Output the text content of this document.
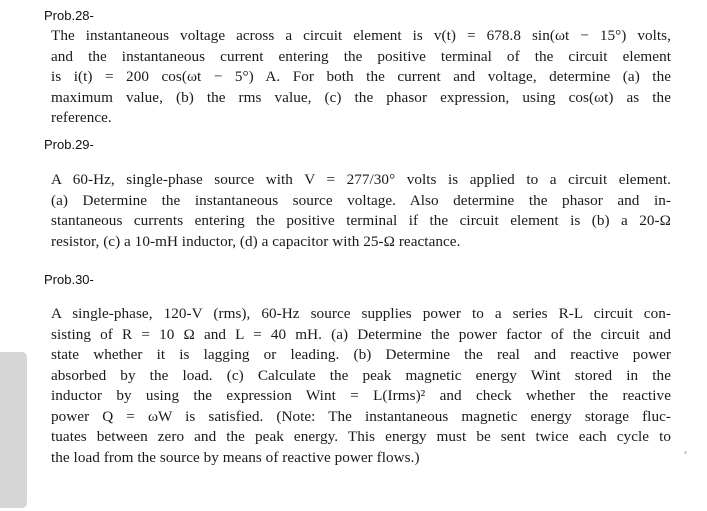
Prob.28-
The instantaneous voltage across a circuit element is v(t) = 678.8 sin(ωt − 15°) volts,
and the instantaneous current entering the positive terminal of the circuit element
is i(t) = 200 cos(ωt − 5°) A. For both the current and voltage, determine (a) the
maximum value, (b) the rms value, (c) the phasor expression, using cos(ωt) as the
reference.
Prob.29-
A 60-Hz, single-phase source with V = 277/30° volts is applied to a circuit element.
(a) Determine the instantaneous source voltage. Also determine the phasor and in-
stantaneous currents entering the positive terminal if the circuit element is (b) a 20-Ω
resistor, (c) a 10-mH inductor, (d) a capacitor with 25-Ω reactance.
Prob.30-
A single-phase, 120-V (rms), 60-Hz source supplies power to a series R-L circuit con-
sisting of R = 10 Ω and L = 40 mH. (a) Determine the power factor of the circuit and
state whether it is lagging or leading. (b) Determine the real and reactive power
absorbed by the load. (c) Calculate the peak magnetic energy Wint stored in the
inductor by using the expression Wint = L(Irms)² and check whether the reactive
power Q = ωW is satisfied. (Note: The instantaneous magnetic energy storage fluc-
tuates between zero and the peak energy. This energy must be sent twice each cycle to
the load from the source by means of reactive power flows.)
